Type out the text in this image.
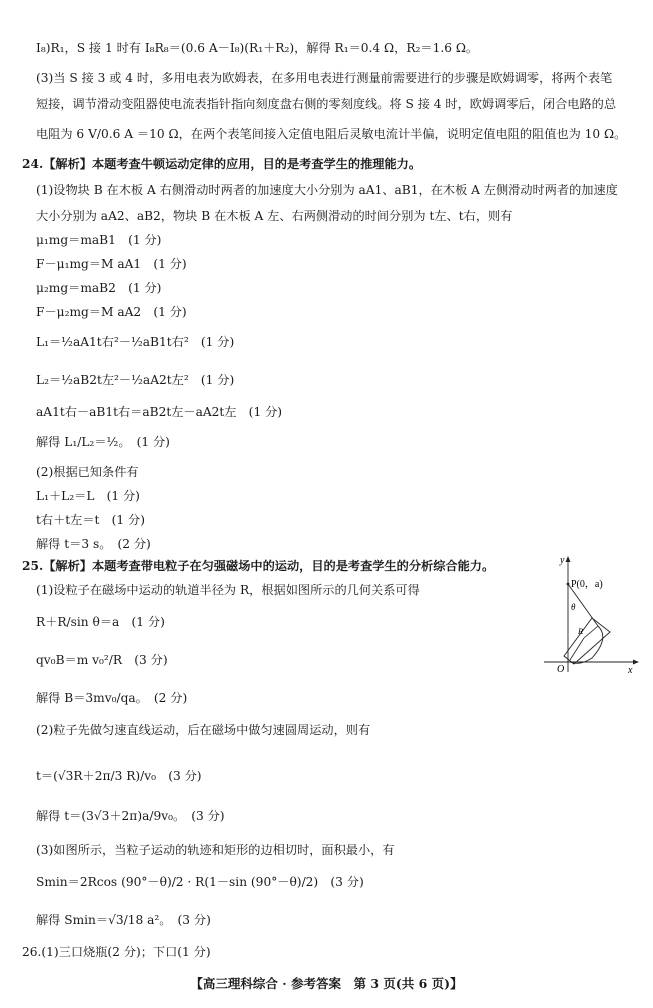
I₈)R₁，S 接 1 时有 I₈R₈＝(0.6 A－I₈)(R₁＋R₂)，解得 R₁＝0.4 Ω，R₂＝1.6 Ω。
(3)当 S 接 3 或 4 时，多用电表为欧姆表，在多用电表进行测量前需要进行的步骤是欧姆调零，将两个表笔
短接，调节滑动变阻器使电流表指针指向刻度盘右侧的零刻度线。将 S 接 4 时，欧姆调零后，闭合电路的总
电阻为 6 V/0.6 A ＝10 Ω，在两个表笔间接入定值电阻后灵敏电流计半偏，说明定值电阻的阻值也为 10 Ω。
24.【解析】本题考查牛顿运动定律的应用，目的是考查学生的推理能力。
(1)设物块 B 在木板 A 右侧滑动时两者的加速度大小分别为 aA1、aB1，在木板 A 左侧滑动时两者的加速度
大小分别为 aA2、aB2，物块 B 在木板 A 左、右两侧滑动的时间分别为 t左、t右，则有
μ₁mg＝maB1　(1 分)
F－μ₁mg＝M aA1　(1 分)
μ₂mg＝maB2　(1 分)
F－μ₂mg＝M aA2　(1 分)
L₁＝½aA1t右²－½aB1t右²　(1 分)
L₂＝½aB2t左²－½aA2t左²　(1 分)
aA1t右－aB1t右＝aB2t左－aA2t左　(1 分)
解得 L₁/L₂＝½。　(1 分)
(2)根据已知条件有
L₁＋L₂＝L　(1 分)
t右＋t左＝t　(1 分)
解得 t＝3 s。　(2 分)
25.【解析】本题考查带电粒子在匀强磁场中的运动，目的是考查学生的分析综合能力。
(1)设粒子在磁场中运动的轨道半径为 R，根据如图所示的几何关系可得
R＋R/sin θ＝a　(1 分)
qv₀B＝m v₀²/R　(3 分)
解得 B＝3mv₀/qa。　(2 分)
(2)粒子先做匀速直线运动，后在磁场中做匀速圆周运动，则有
t＝(√3R＋2π/3 R)/v₀　(3 分)
解得 t＝(3√3＋2π)a/9v₀。　(3 分)
(3)如图所示，当粒子运动的轨迹和矩形的边相切时，面积最小，有
Smin＝2Rcos (90°－θ)/2 · R(1－sin (90°－θ)/2)　(3 分)
解得 Smin＝√3/18 a²。　(3 分)
26.(1)三口烧瓶(2 分)；下口(1 分)
y
x
O
P(0，a)
θ
R
【高三理科综合 · 参考答案　第 3 页(共 6 页)】
